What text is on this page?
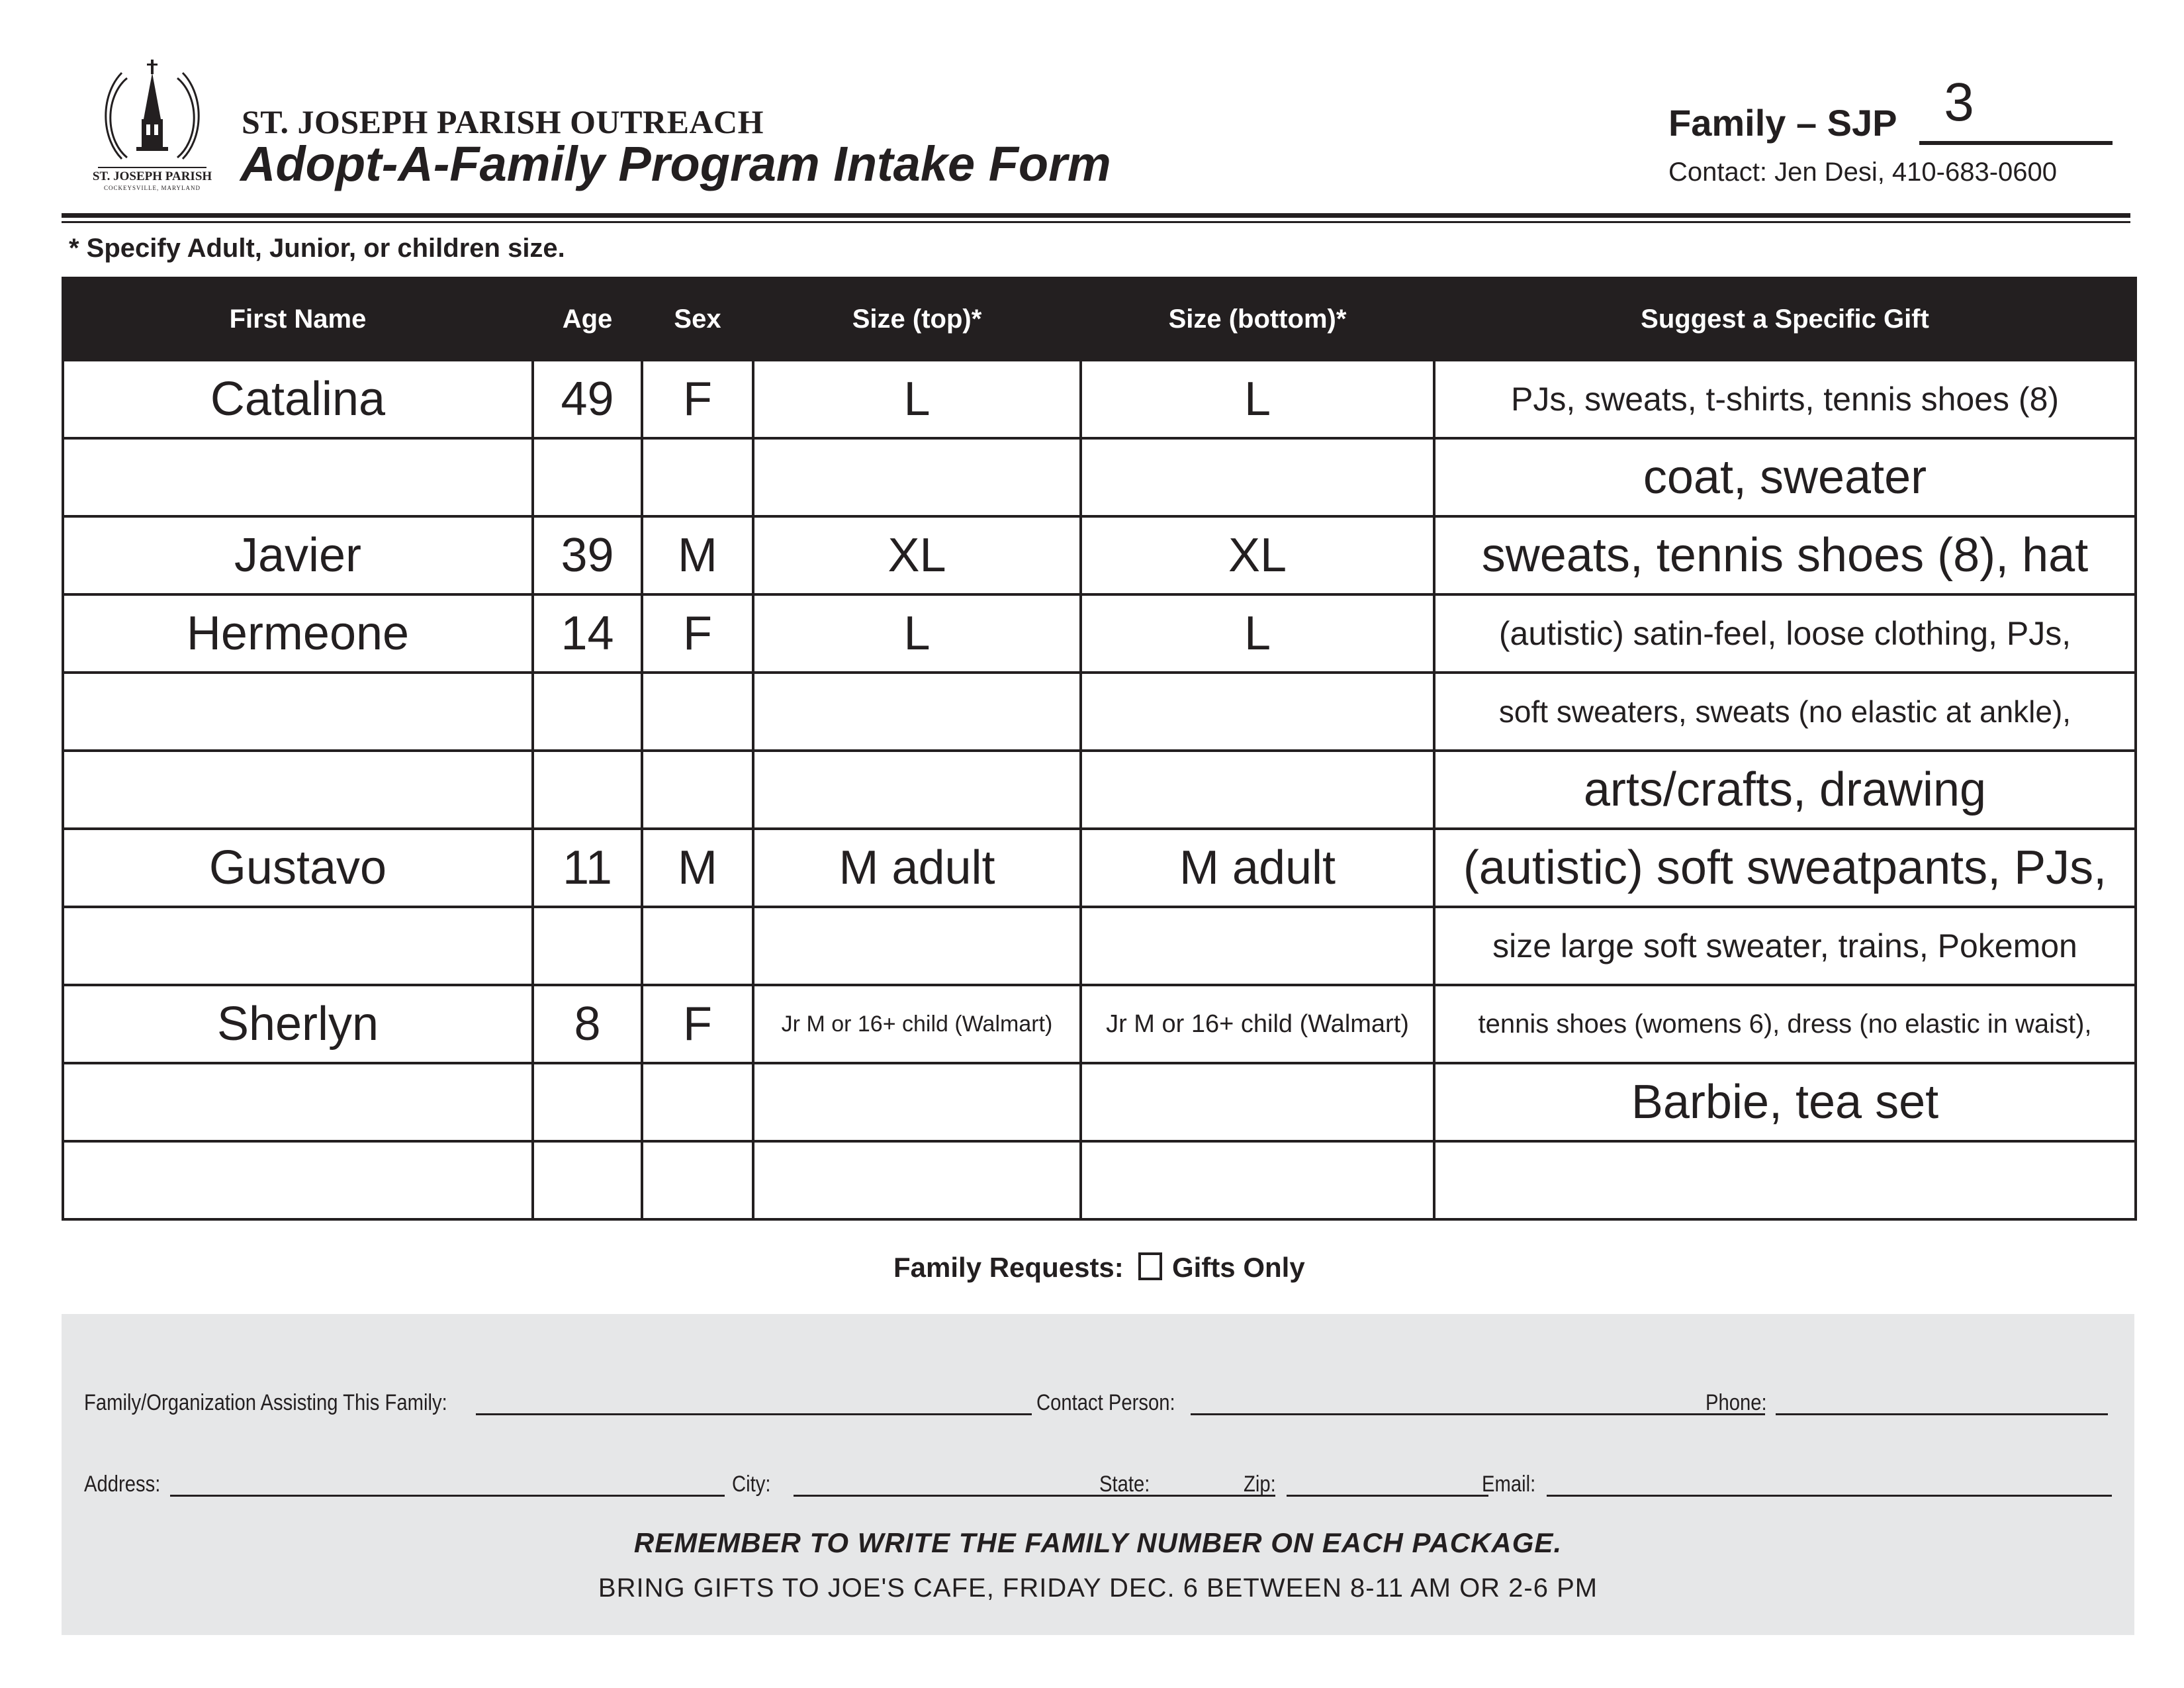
ST. JOSEPH PARISH
COCKEYSVILLE, MARYLAND
ST. JOSEPH PARISH OUTREACH
Adopt-A-Family Program Intake Form
Family – SJP 3
Contact: Jen Desi, 410-683-0600
* Specify Adult, Junior, or children size.
First Name	Age	Sex	Size (top)*	Size (bottom)*	Suggest a Specific Gift
Catalina	49	F	L	L	PJs, sweats, t-shirts, tennis shoes (8)
					coat, sweater
Javier	39	M	XL	XL	sweats, tennis shoes (8), hat
Hermeone	14	F	L	L	(autistic) satin-feel, loose clothing, PJs,
					soft sweaters, sweats (no elastic at ankle),
					arts/crafts, drawing
Gustavo	11	M	M adult	M adult	(autistic) soft sweatpants, PJs,
					size large soft sweater, trains, Pokemon
Sherlyn	8	F	Jr M or 16+ child (Walmart)	Jr M or 16+ child (Walmart)	tennis shoes (womens 6), dress (no elastic in waist),
					Barbie, tea set

Family Requests: Gifts Only
Family/Organization Assisting This Family:	Contact Person:	Phone:
Address:	City:	State:	Zip:	Email:
REMEMBER TO WRITE THE FAMILY NUMBER ON EACH PACKAGE.
BRING GIFTS TO JOE'S CAFE, FRIDAY DEC. 6 BETWEEN 8-11 AM OR 2-6 PM
